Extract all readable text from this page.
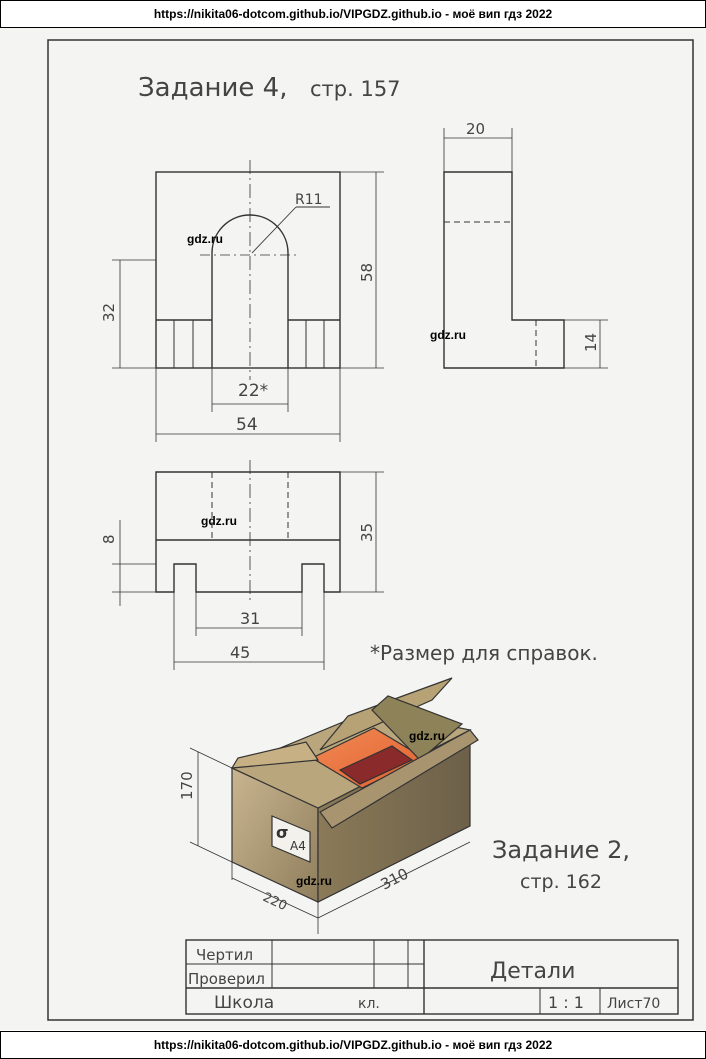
https://nikita06-dotcom.github.io/VIPGDZ.github.io
- моё вип гдз 2022
Задание 4, стр. 157
R11
32
58
22*
54
20
14
8	35
31
45	*Размер для справок.
σ
A4
170
310
220
Задание 2,
стр. 162
Чертил
Проверил
Школа	кл.
Детали
1 : 1 Лист70
gdz.ru
gdz.ru
gdz.ru
gdz.ru
gdz.ru
https://nikita06-dotcom.github.io/VIPGDZ.github.io
- моё вип гдз 2022
